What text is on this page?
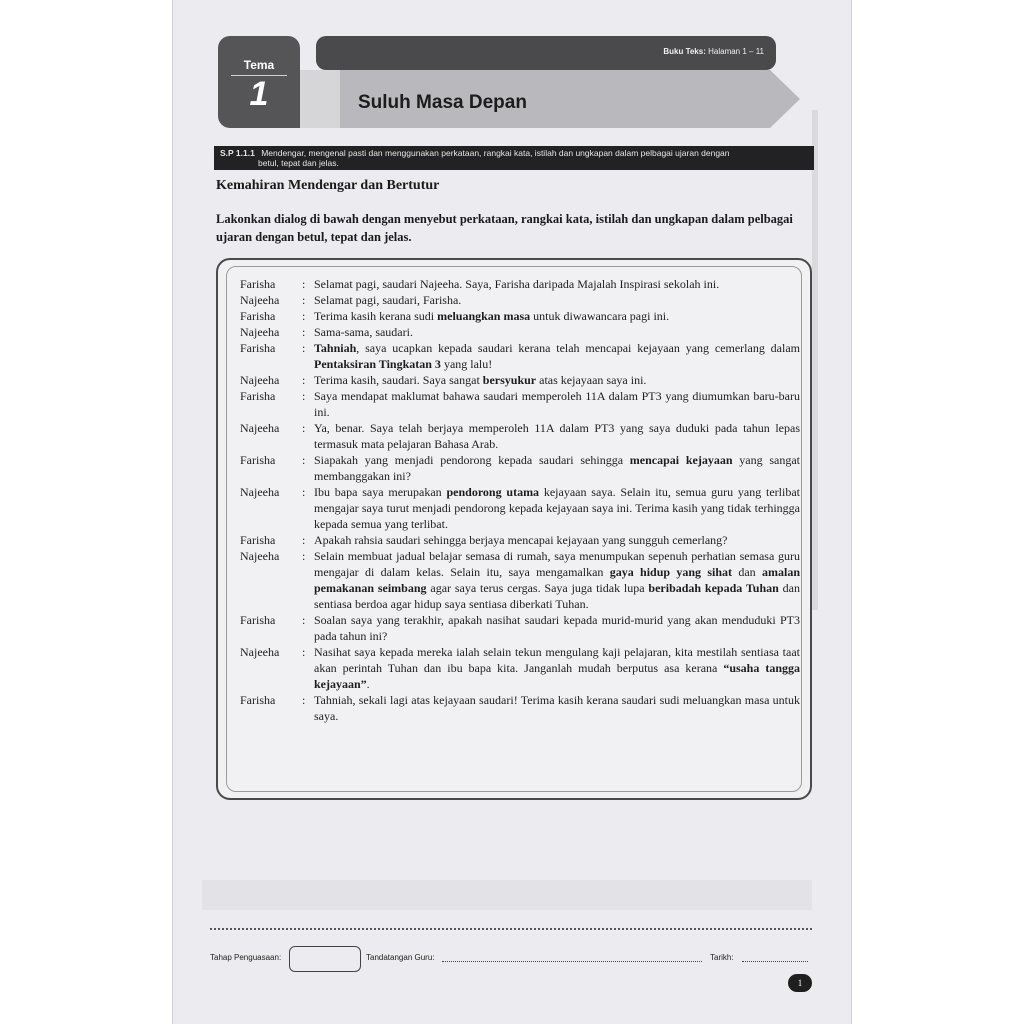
Tema
1
Buku Teks: Halaman 1 – 11
Suluh Masa Depan
S.P 1.1.1 Mendengar, mengenal pasti dan menggunakan perkataan, rangkai kata, istilah dan ungkapan dalam pelbagai ujaran dengan
betul, tepat dan jelas.
Kemahiran Mendengar dan Bertutur
Lakonkan dialog di bawah dengan menyebut perkataan, rangkai kata, istilah dan ungkapan dalam pelbagai ujaran dengan betul, tepat dan jelas.
Farisha	: Selamat pagi, saudari Najeeha. Saya, Farisha daripada Majalah Inspirasi sekolah ini.
Najeeha	: Selamat pagi, saudari, Farisha.
Farisha	: Terima kasih kerana sudi meluangkan masa untuk diwawancara pagi ini.
Najeeha	: Sama-sama, saudari.
Farisha	: Tahniah, saya ucapkan kepada saudari kerana telah mencapai kejayaan yang cemerlang dalam Pentaksiran Tingkatan 3 yang lalu!
Najeeha	: Terima kasih, saudari. Saya sangat bersyukur atas kejayaan saya ini.
Farisha	: Saya mendapat maklumat bahawa saudari memperoleh 11A dalam PT3 yang diumumkan baru-baru ini.
Najeeha	: Ya, benar. Saya telah berjaya memperoleh 11A dalam PT3 yang saya duduki pada tahun lepas termasuk mata pelajaran Bahasa Arab.
Farisha	: Siapakah yang menjadi pendorong kepada saudari sehingga mencapai kejayaan yang sangat membanggakan ini?
Najeeha	: Ibu bapa saya merupakan pendorong utama kejayaan saya. Selain itu, semua guru yang terlibat mengajar saya turut menjadi pendorong kepada kejayaan saya ini. Terima kasih yang tidak terhingga kepada semua yang terlibat.
Farisha	: Apakah rahsia saudari sehingga berjaya mencapai kejayaan yang sungguh cemerlang?
Najeeha	: Selain membuat jadual belajar semasa di rumah, saya menumpukan sepenuh perhatian semasa guru mengajar di dalam kelas. Selain itu, saya mengamalkan gaya hidup yang sihat dan amalan pemakanan seimbang agar saya terus cergas. Saya juga tidak lupa beribadah kepada Tuhan dan sentiasa berdoa agar hidup saya sentiasa diberkati Tuhan.
Farisha	: Soalan saya yang terakhir, apakah nasihat saudari kepada murid-murid yang akan menduduki PT3 pada tahun ini?
Najeeha	: Nasihat saya kepada mereka ialah selain tekun mengulang kaji pelajaran, kita mestilah sentiasa taat akan perintah Tuhan dan ibu bapa kita. Janganlah mudah berputus asa kerana “usaha tangga kejayaan”.
Farisha	: Tahniah, sekali lagi atas kejayaan saudari! Terima kasih kerana saudari sudi meluangkan masa untuk saya.
Tahap Penguasaan:	Tandatangan Guru:	Tarikh:
1
